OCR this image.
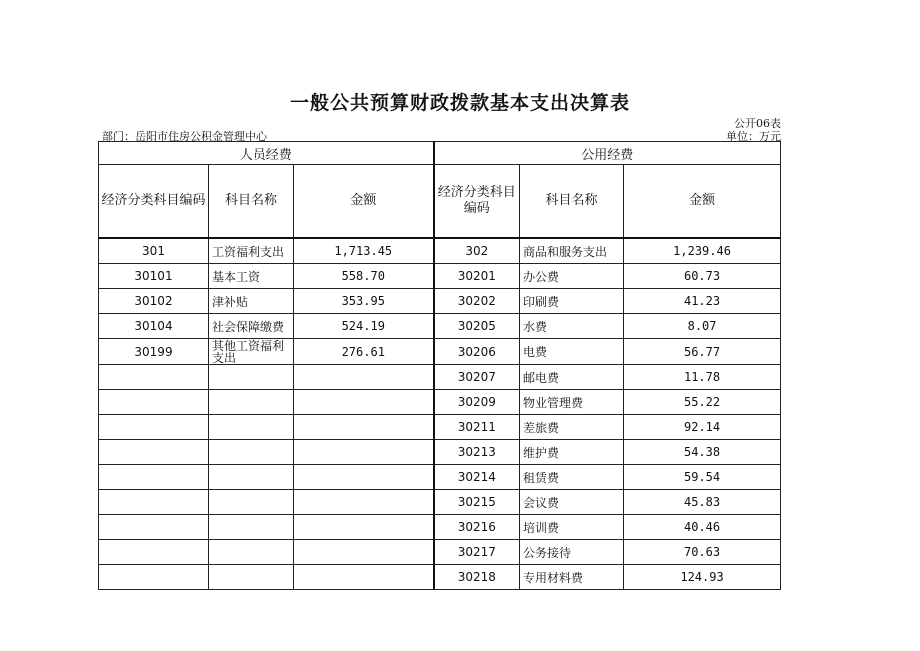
一般公共预算财政拨款基本支出决算表
公开06表
部门：岳阳市住房公积金管理中心	单位：万元
人员经费			公用经费		
经济分类科目编码	科目名称	金额	经济分类科目编码	科目名称	金额
301	工资福利支出	1,713.45	302	商品和服务支出	1,239.46
30101	基本工资	558.70	30201	办公费	60.73
30102	津补贴	353.95	30202	印刷费	41.23
30104	社会保障缴费	524.19	30205	水费	8.07
30199	其他工资福利支出	276.61	30206	电费	56.77
			30207	邮电费	11.78
			30209	物业管理费	55.22
			30211	差旅费	92.14
			30213	维护费	54.38
			30214	租赁费	59.54
			30215	会议费	45.83
			30216	培训费	40.46
			30217	公务接待	70.63
			30218	专用材料费	124.93
